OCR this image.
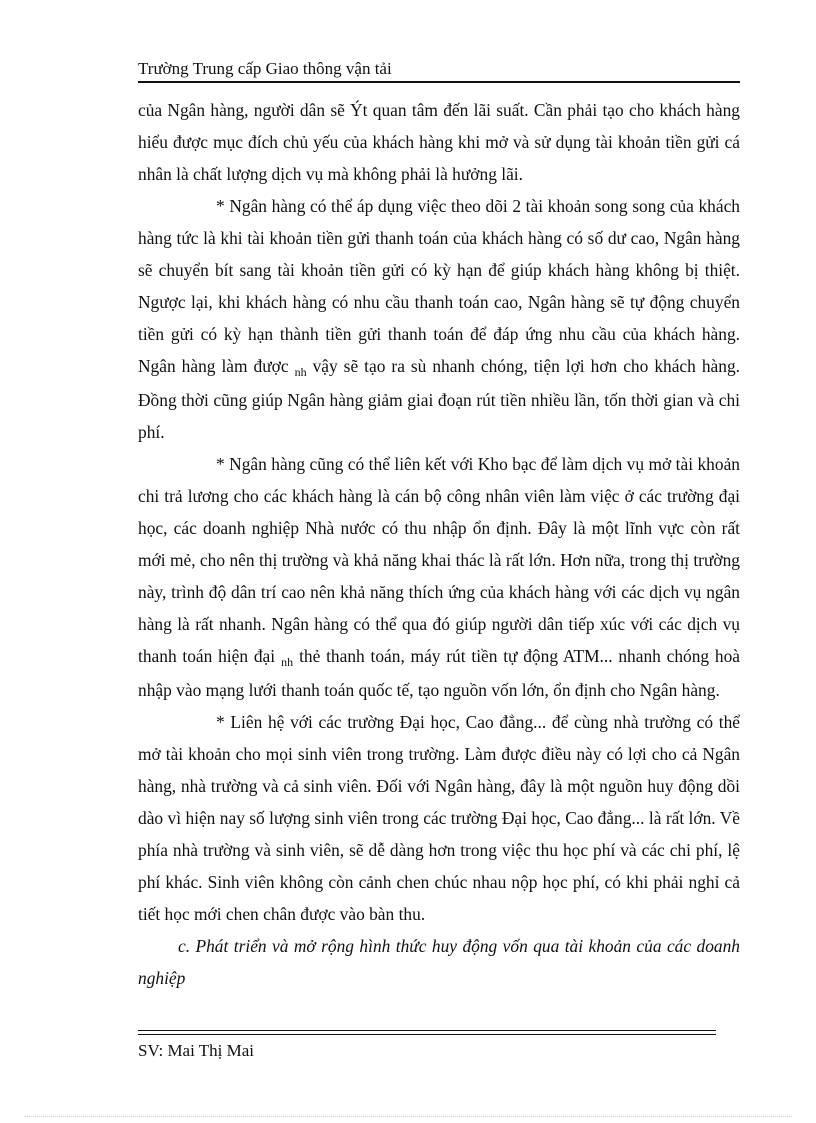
Trường Trung cấp Giao thông vận tải

của Ngân hàng, người dân sẽ Ýt quan tâm đến lãi suất. Cần phải tạo cho khách hàng hiểu được mục đích chủ yếu của khách hàng khi mở và sử dụng tài khoản tiền gửi cá nhân là chất lượng dịch vụ mà không phải là hưởng lãi.

* Ngân hàng có thể áp dụng việc theo dõi 2 tài khoản song song của khách hàng tức là khi tài khoản tiền gửi thanh toán của khách hàng có số dư cao, Ngân hàng sẽ chuyển bít sang tài khoản tiền gửi có kỳ hạn để giúp khách hàng không bị thiệt. Ngược lại, khi khách hàng có nhu cầu thanh toán cao, Ngân hàng sẽ tự động chuyển tiền gửi có kỳ hạn thành tiền gửi thanh toán để đáp ứng nhu cầu của khách hàng. Ngân hàng làm được $_{nh}$ vậy sẽ tạo ra sù nhanh chóng, tiện lợi hơn cho khách hàng. Đồng thời cũng giúp Ngân hàng giảm giai đoạn rút tiền nhiều lần, tốn thời gian và chi phí.

* Ngân hàng cũng có thể liên kết với Kho bạc để làm dịch vụ mở tài khoản chi trả lương cho các khách hàng là cán bộ công nhân viên làm việc ở các trường đại học, các doanh nghiệp Nhà nước có thu nhập ổn định. Đây là một lĩnh vực còn rất mới mẻ, cho nên thị trường và khả năng khai thác là rất lớn. Hơn nữa, trong thị trường này, trình độ dân trí cao nên khả năng thích ứng của khách hàng với các dịch vụ ngân hàng là rất nhanh. Ngân hàng có thể qua đó giúp người dân tiếp xúc với các dịch vụ thanh toán hiện đại $_{nh}$ thẻ thanh toán, máy rút tiền tự động ATM... nhanh chóng hoà nhập vào mạng lưới thanh toán quốc tế, tạo nguồn vốn lớn, ổn định cho Ngân hàng.

* Liên hệ với các trường Đại học, Cao đẳng... để cùng nhà trường có thể mở tài khoản cho mọi sinh viên trong trường. Làm được điều này có lợi cho cả Ngân hàng, nhà trường và cả sinh viên. Đối với Ngân hàng, đây là một nguồn huy động dồi dào vì hiện nay số lượng sinh viên trong các trường Đại học, Cao đẳng... là rất lớn. Về phía nhà trường và sinh viên, sẽ dễ dàng hơn trong việc thu học phí và các chi phí, lệ phí khác. Sinh viên không còn cảnh chen chúc nhau nộp học phí, có khi phải nghỉ cả tiết học mới chen chân được vào bàn thu.

c. Phát triển và mở rộng hình thức huy động vốn qua tài khoản của các doanh nghiệp

SV: Mai Thị Mai
